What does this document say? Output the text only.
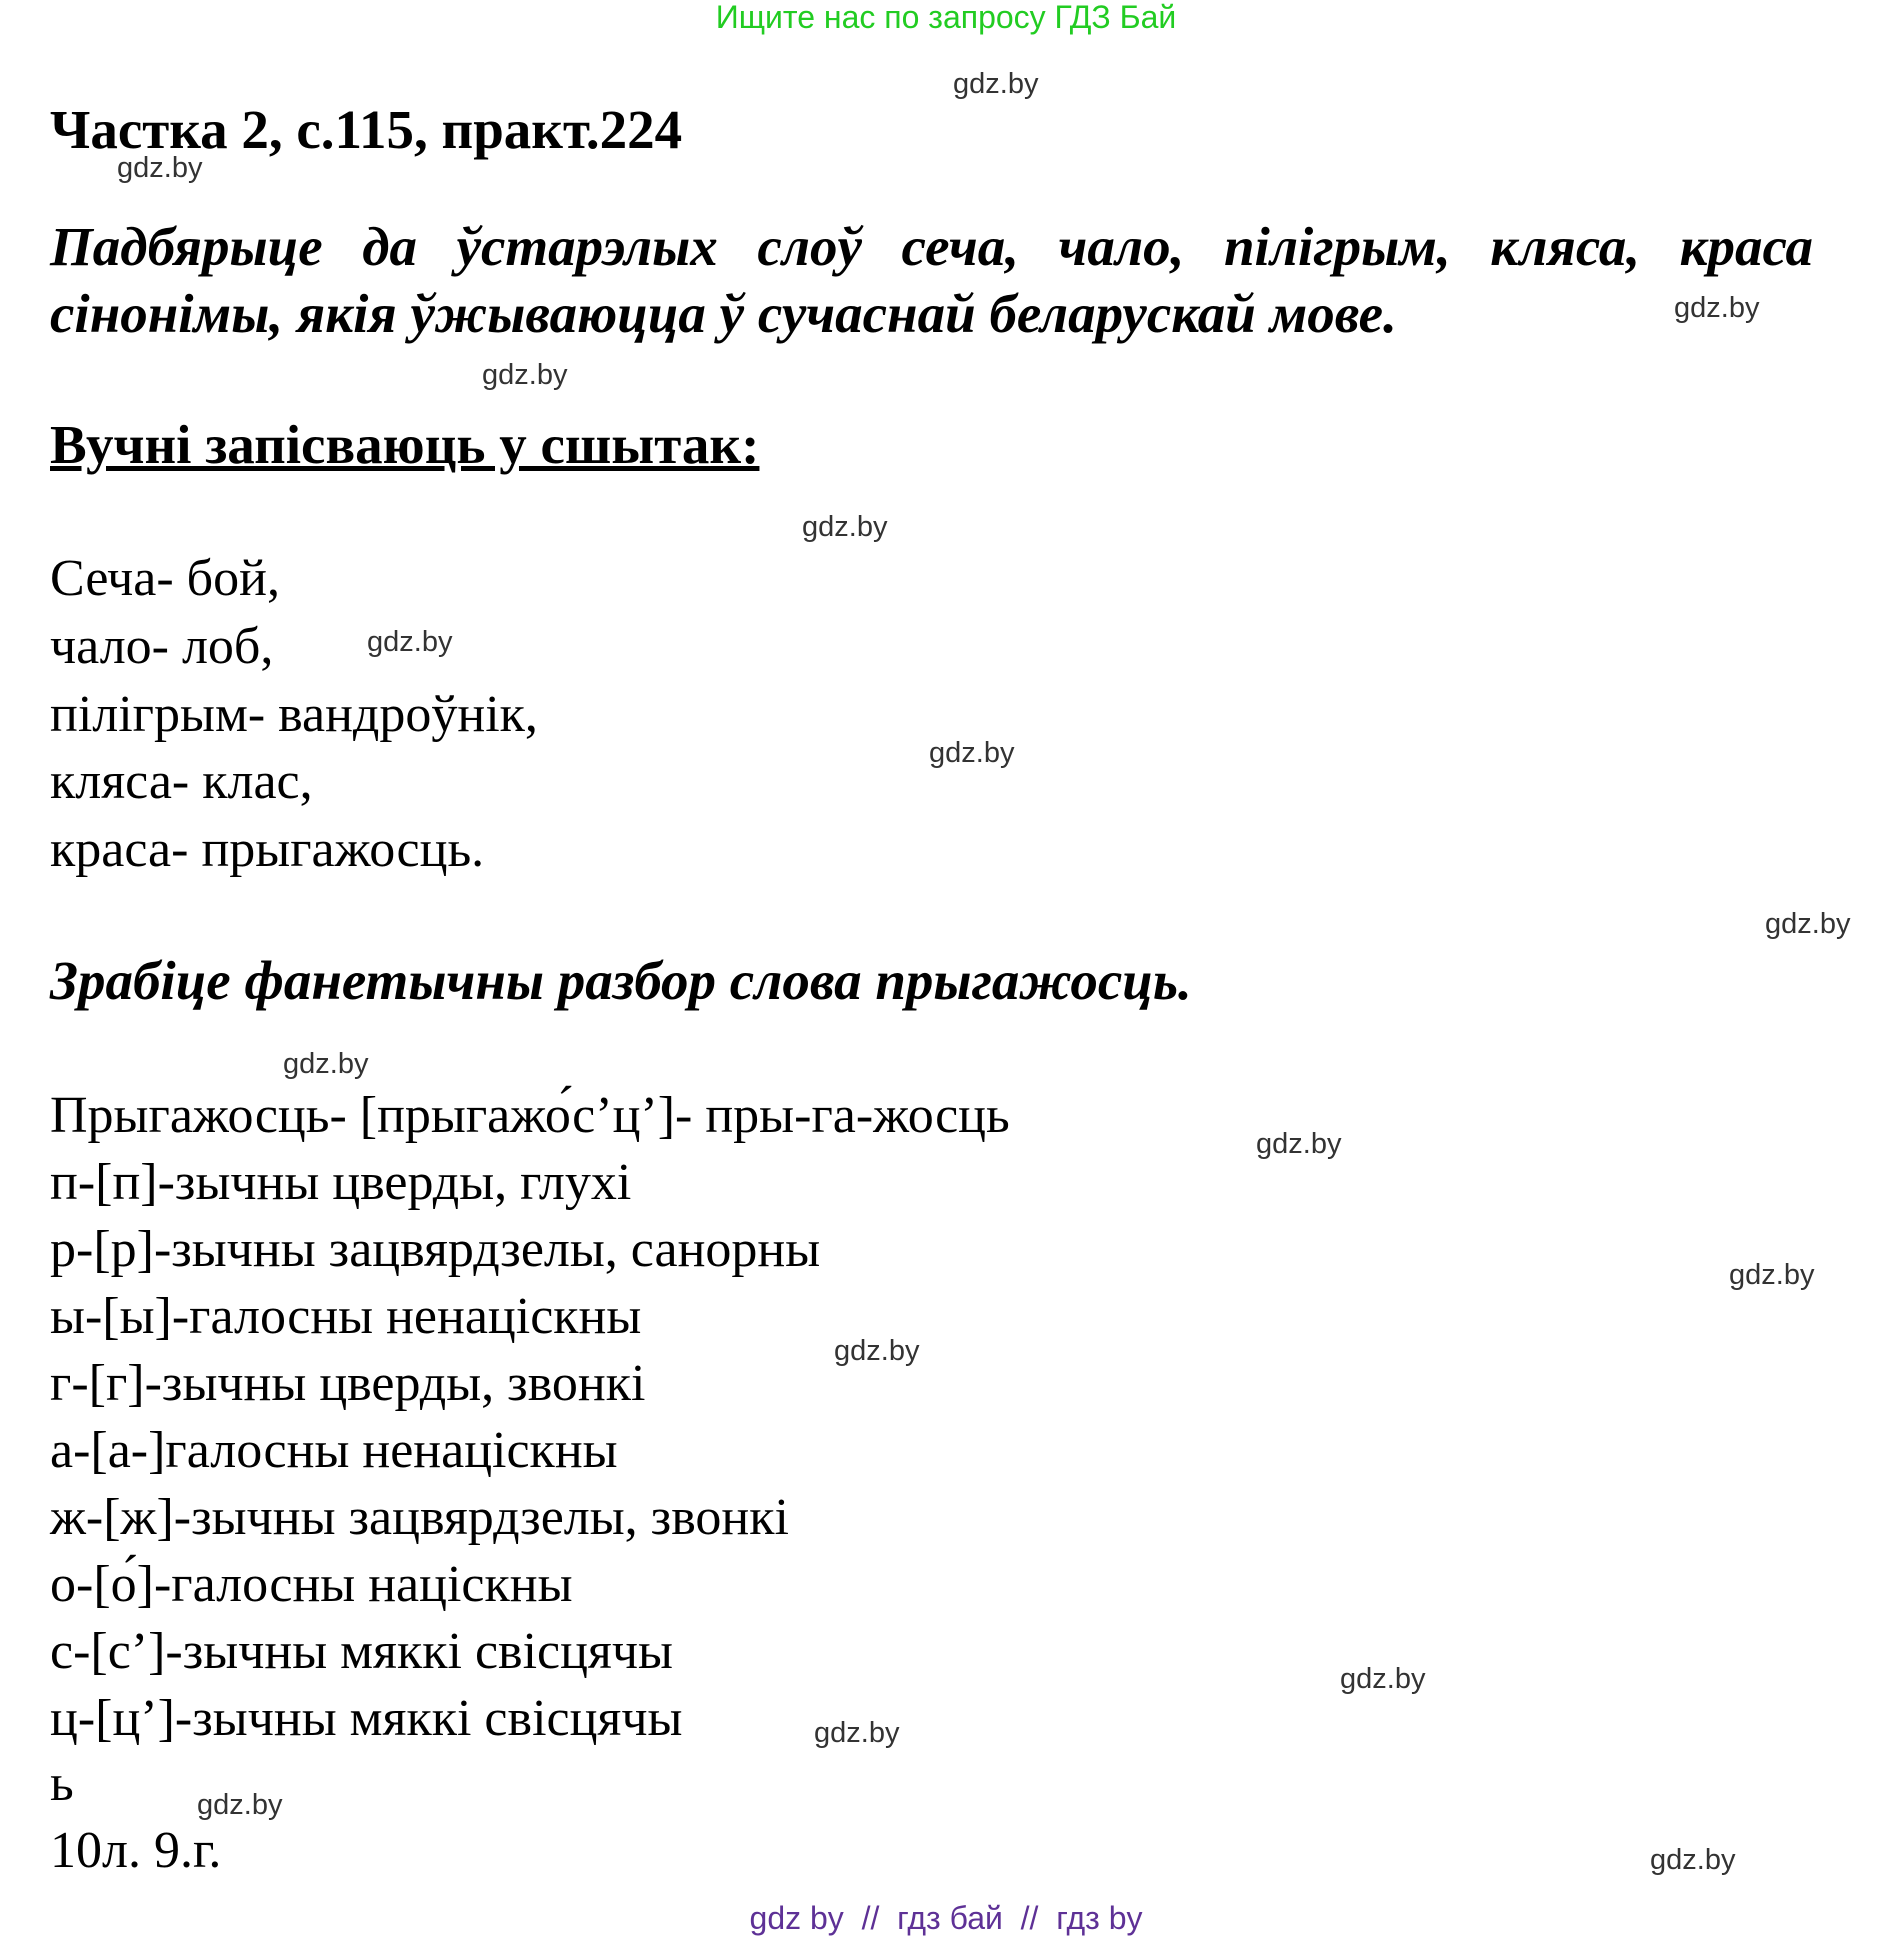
Ищите нас по запросу ГДЗ Бай
Частка 2, с.115, практ.224
Падбярыце да ўстарэлых слоў сеча, чало, пілігрым, кляса, краса
сінонімы, якія ўжываюцца ў сучаснай беларускай мове.
Вучні запісваюць у сшытак:
Сеча- бой,
чало- лоб,
пілігрым- вандроўнік,
кляса- клас,
краса- прыгажосць.
Зрабіце фанетычны разбор слова прыгажосць.
Прыгажосць- [прыгажо́с’ц’]- пры-га-жосць
п-[п]-зычны цверды, глухі
р-[р]-зычны зацвярдзелы, санорны
ы-[ы]-галосны ненаціскны
г-[г]-зычны цверды, звонкі
а-[а-]галосны ненаціскны
ж-[ж]-зычны зацвярдзелы, звонкі
о-[о́]-галосны націскны
с-[с’]-зычны мяккі свісцячы
ц-[ц’]-зычны мяккі свісцячы
ь
10л. 9.г.
gdz.by
gdz.by
gdz.by
gdz.by
gdz.by
gdz.by
gdz.by
gdz.by
gdz.by
gdz.by
gdz.by
gdz.by
gdz.by
gdz.by
gdz.by
gdz.by
gdz by  //  гдз бай  //  гдз by
